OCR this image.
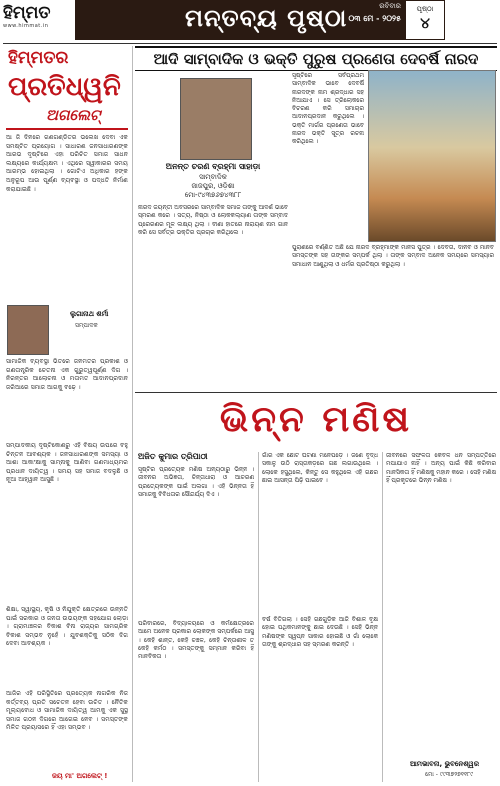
ହିମ୍ମତ
www.himmat.in	ମନ୍ତବ୍ୟ ପୃଷ୍ଠା	ରବିବାର
୦୩ ମେ - ୨୦୨୫
ପୃଷ୍ଠା
୪
ହିମ୍ମତର
ପ୍ରତିଧ୍ୱନି
ଅଗଲେଟ୍
ଆ ଜି ଦିନରେ ଗଣଗଣ୍ଡିତର ଭଲେଖ ଦେବା ଏକ ସମଷ୍ଟିତ ପ୍ରୟୋଗ । ସାଧାରଣ ଜନସାଧାରଣଙ୍କ ଆରଭ ଦୃଷ୍ଟିରେ ଏହା ପରିଚିତ ସମାଜ ସାଧନ ଲକ୍ଷ୍ୟରେ କାର୍ଯ୍ୟକ୍ଷମ । ଏଥିରେ ସ୍ୱୀକାରର ସମୟ ଆରମ୍ଭ ହୋଇଥିଲା । ଗୋଟିଏ ଅଧିକାର ହଙ୍କ ଅନୁରୂପ ଆଉ ପୂର୍ଣ୍ଣ ବ୍ୟବସ୍ଥା ଓ ପଦ୍ଧତି ନିର୍ମାଣ କରାଯାଇଛି ।
ଲୁଗାନାଥ ଶର୍ମା
ସମ୍ପାଦକ
ସାମାଜିକ ବ୍ୟବସ୍ଥା ଭିତରେ ଜନମତର ପ୍ରକାଶ ଓ ଗଣତାନ୍ତ୍ରିକ ଚେତନା ଏକ ଗୁରୁତ୍ୱପୂର୍ଣ୍ଣ ଦିଗ । ନିରନ୍ତର ଆଲୋଚନା ଓ ମତାମତ ଆଦାନପ୍ରଦାନ ଜରିଆରେ ସମାଜ ଆଗକୁ ବଢ଼େ ।
ସମ୍ପାଦକୀୟ ଦୃଷ୍ଟିକୋଣରୁ ଏହି ବିଷୟ ଉପରେ ବହୁ ଚିନ୍ତନ ଆବଶ୍ୟକ । ଜନସାଧାରଣଙ୍କ ସମସ୍ୟା ଓ ଆଶା ଆକାଂକ୍ଷାକୁ ସାମ୍ନାକୁ ଆଣିବା ଗଣମାଧ୍ୟମର ପ୍ରଧାନ ଦାୟିତ୍ୱ । ସମୟ ସହ ସମାଜ ବଦଳୁଛି ଓ ନୂଆ ଆହ୍ୱାନ ଆସୁଛି ।
ଶିକ୍ଷା, ସ୍ୱାସ୍ଥ୍ୟ, କୃଷି ଓ ନିଯୁକ୍ତି କ୍ଷେତ୍ରରେ ଉନ୍ନତି ପାଇଁ ସରକାର ଓ ଜନତା ଉଭୟଙ୍କ ସହଯୋଗ ଲୋଡ଼ା । ଗ୍ରାମାଞ୍ଚଳର ବିକାଶ ବିନା ରାଜ୍ୟର ସାମଗ୍ରିକ ବିକାଶ ସମ୍ଭବ ନୁହେଁ । ଯୁବଶକ୍ତିକୁ ସଠିକ ଦିଗ ଦେବା ଆବଶ୍ୟକ ।
ଆଜିର ଏହି ପରିସ୍ଥିତିରେ ପ୍ରତ୍ୟେକ ନାଗରିକ ନିଜ କର୍ତ୍ତବ୍ୟ ପ୍ରତି ସଚେତନ ହେବା ଉଚିତ । ନୈତିକ ମୂଲ୍ୟବୋଧ ଓ ସାମାଜିକ ଦାୟିତ୍ୱ ଆମକୁ ଏକ ସୁସ୍ଥ ସମାଜ ଗଠନ ଦିଗରେ ଆଗେଇ ନେବ । ସମସ୍ତଙ୍କ ମିଳିତ ପ୍ରୟାସରେ ହିଁ ଏହା ସମ୍ଭବ ।
ଜୟ ମା' ଅଗଲେଟ୍ !
ଆଦି ସାମ୍ବାଦିକ ଓ ଭକ୍ତି ପୁରୁଷ ପ୍ରଣେତା ଦେବର୍ଷି ନାରଦ
ଅନନ୍ତ ଚରଣ ବ୍ରହ୍ମା ସାହାଡ଼ା
ସାମ୍ବାଦିକ
ଜାଜପୁର, ଓଡ଼ିଶା
ମୋ-୯୪୩୭୬୭୪୩୮୮
ସୃଷ୍ଟିରେ ସର୍ବପ୍ରଥମ ସାମ୍ବାଦିକ ଭାବେ ଦେବର୍ଷି ନାରଦଙ୍କ ନାମ ଶ୍ରଦ୍ଧାର ସହ ନିଆଯାଏ । ସେ ତ୍ରିଲୋକରେ ବିଚରଣ କରି ସମାଚାର ଆଦାନପ୍ରଦାନ କରୁଥିଲେ । ଭକ୍ତି ମାର୍ଗର ପ୍ରଣେତା ଭାବେ ନାରଦ ଭକ୍ତି ସୂତ୍ର ରଚନା କରିଥିଲେ ।
ନାରଦ ଜୟନ୍ତୀ ଅବସରରେ ସାମ୍ବାଦିକ ସମାଜ ତାଙ୍କୁ ଆଦର୍ଶ ଭାବେ ସ୍ମରଣ କରେ । ସତ୍ୟ, ନିଷ୍ଠା ଓ ଲୋକକଲ୍ୟାଣ ତାଙ୍କ ସମ୍ବାଦ ପ୍ରେରଣର ମୂଳ ଲକ୍ଷ୍ୟ ଥିଲା । ବୀଣା ହାତରେ ନାରାୟଣ ନାମ ଗାନ କରି ସେ ସର୍ବତ୍ର ଭକ୍ତିର ପ୍ରଚାର କରିଥିଲେ ।
ପୁରାଣରେ ବର୍ଣ୍ଣିତ ଅଛି ଯେ ନାରଦ ବ୍ରହ୍ମାଙ୍କ ମାନସ ପୁତ୍ର । ଦେବତା, ଦାନବ ଓ ମାନବ ସମସ୍ତଙ୍କ ସହ ତାଙ୍କର ସମ୍ପର୍କ ଥିଲା । ତାଙ୍କ ସମ୍ବାଦ ଅନେକ ସମୟରେ ସମସ୍ୟାର ସମାଧାନ ଆଣୁଥିଲା ଓ ଧର୍ମର ପ୍ରତିଷ୍ଠା କରୁଥିଲା ।
ଭିନ୍ନ ମଣିଷ
ଅଜିତ କୁମାର ତ୍ରିପାଠୀ
ସୃଷ୍ଟିର ପ୍ରତ୍ୟେକ ମଣିଷ ଅନ୍ୟଠାରୁ ଭିନ୍ନ । ଜୀବନର ଅଭିଜ୍ଞତା, ଚିନ୍ତାଧାରା ଓ ଆଚରଣ ପ୍ରତ୍ୟେକଙ୍କ ପାଇଁ ଅଲଗା । ଏହି ଭିନ୍ନତା ହିଁ ସମାଜକୁ ବିବିଧତାର ସୌନ୍ଦର୍ଯ୍ୟ ଦିଏ ।
ପରିବାରରେ, ବିଦ୍ୟାଳୟରେ ଓ କର୍ମକ୍ଷେତ୍ରରେ ଆମେ ଅନେକ ପ୍ରକାର ଲୋକଙ୍କ ସମ୍ପର୍କରେ ଆସୁ । କେହି ଶାନ୍ତ, କେହି ଚଞ୍ଚଳ, କେହି ଚିନ୍ତାଶୀଳ ତ କେହି କର୍ମଠ । ସମସ୍ତଙ୍କୁ ସମ୍ମାନ କରିବା ହିଁ ମାନବିକତା ।
ଗାଁର ଏକ ଛୋଟ ଘଟଣା ମନେପଡ଼େ । ଜଣେ ବୃଦ୍ଧ ସକାଳୁ ଉଠି ରାସ୍ତାକଡ଼ରେ ଗଛ ଲଗାଉଥିଲେ । ଲୋକେ ହସୁଥିଲେ, କିନ୍ତୁ ସେ କହୁଥିଲେ ଏହି ଗଛର ଛାଇ ଆସନ୍ତା ପିଢ଼ି ପାଇବେ ।
ବର୍ଷ ବିତିଗଲା । ସେହି ଗଛଗୁଡ଼ିକ ଆଜି ବିଶାଳ ବୃକ୍ଷ ହୋଇ ପଥିକମାନଙ୍କୁ ଛାଇ ଦେଉଛି । ସେହି ଭିନ୍ନ ମଣିଷଙ୍କ ସ୍ୱପ୍ନ ସାକାର ହୋଇଛି ଓ ଗାଁ ଲୋକେ ତାଙ୍କୁ ଶ୍ରଦ୍ଧାର ସହ ସ୍ମରଣ କରନ୍ତି ।
ଜୀବନରେ ସଫଳତା କେବଳ ଧନ ସମ୍ପତ୍ତିରେ ମପାଯାଏ ନାହିଁ । ଅନ୍ୟ ପାଇଁ କିଛି କରିବାର ମାନସିକତା ହିଁ ମଣିଷକୁ ମହାନ କରେ । ସେହି ମଣିଷ ହିଁ ପ୍ରକୃତରେ ଭିନ୍ନ ମଣିଷ ।
ଆମଭାବନା, ଭୁବନେଶ୍ୱର
ମୋ - ୯୯୩୭୨୭୧୧୮୯
